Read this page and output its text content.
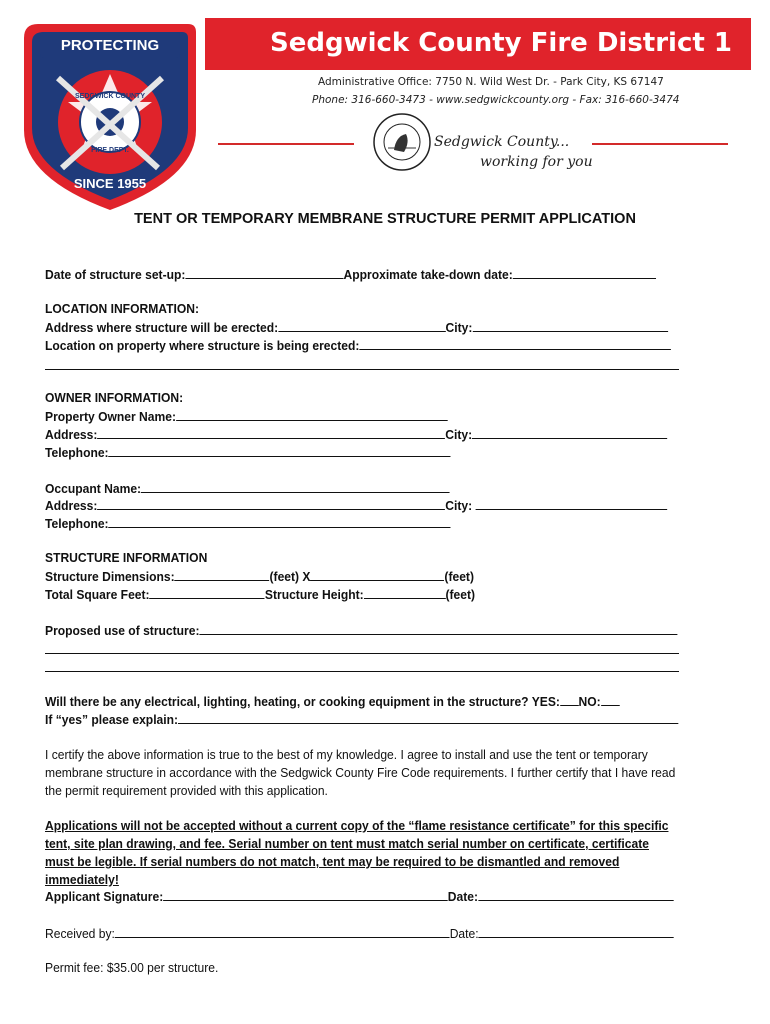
PROTECTING
SEDGWICK COUNTY
FIRE DEPT.
SINCE 1955
Sedgwick County Fire District 1
Administrative Office: 7750 N. Wild West Dr. - Park City, KS 67147
Phone: 316-660-3473 - www.sedgwickcounty.org - Fax: 316-660-3474
Sedgwick County...
working for you
TENT OR TEMPORARY MEMBRANE STRUCTURE PERMIT APPLICATION
Date of structure set-up:	Approximate take-down date:
LOCATION INFORMATION:
Address where structure will be erected:	City:
Location on property where structure is being erected:
OWNER INFORMATION:
Property Owner Name:
Address:	City:
Telephone:
Occupant Name:
Address:	City:
Telephone:
STRUCTURE INFORMATION
Structure Dimensions:	(feet) X	(feet)
Total Square Feet:	Structure Height:	(feet)
Proposed use of structure:
Will there be any electrical, lighting, heating, or cooking equipment in the structure? YES: NO:
If “yes” please explain:
I certify the above information is true to the best of my knowledge. I agree to install and use the tent or temporary membrane structure in accordance with the Sedgwick County Fire Code requirements. I further certify that I have read the permit requirement provided with this application.
Applications will not be accepted without a current copy of the “flame resistance certificate” for this specific tent, site plan drawing, and fee. Serial number on tent must match serial number on certificate, certificate must be legible. If serial numbers do not match, tent may be required to be dismantled and removed immediately!
Applicant Signature:	Date:
Received by:	Date:
Permit fee: $35.00 per structure.
